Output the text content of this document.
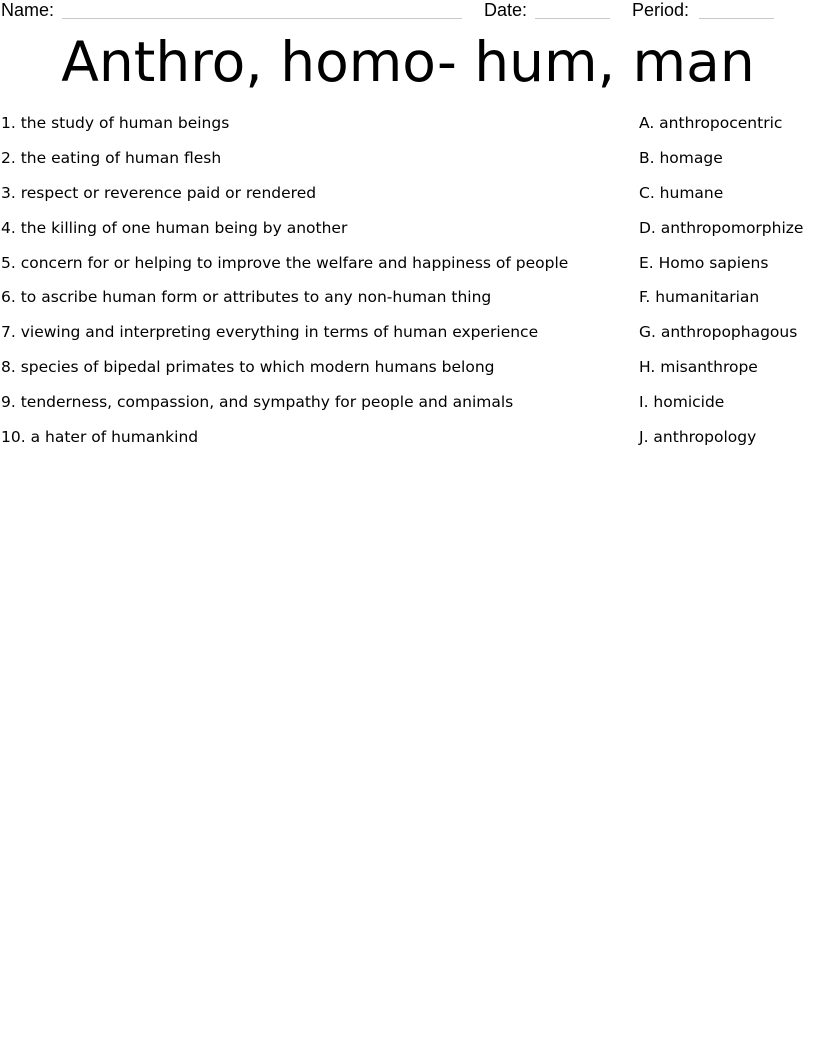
Name:	Date:	Period:
Anthro, homo- hum, man
1. the study of human beings
2. the eating of human flesh
3. respect or reverence paid or rendered
4. the killing of one human being by another
5. concern for or helping to improve the welfare and happiness of people
6. to ascribe human form or attributes to any non-human thing
7. viewing and interpreting everything in terms of human experience
8. species of bipedal primates to which modern humans belong
9. tenderness, compassion, and sympathy for people and animals
10. a hater of humankind
A. anthropocentric
B. homage
C. humane
D. anthropomorphize
E. Homo sapiens
F. humanitarian
G. anthropophagous
H. misanthrope
I. homicide
J. anthropology
